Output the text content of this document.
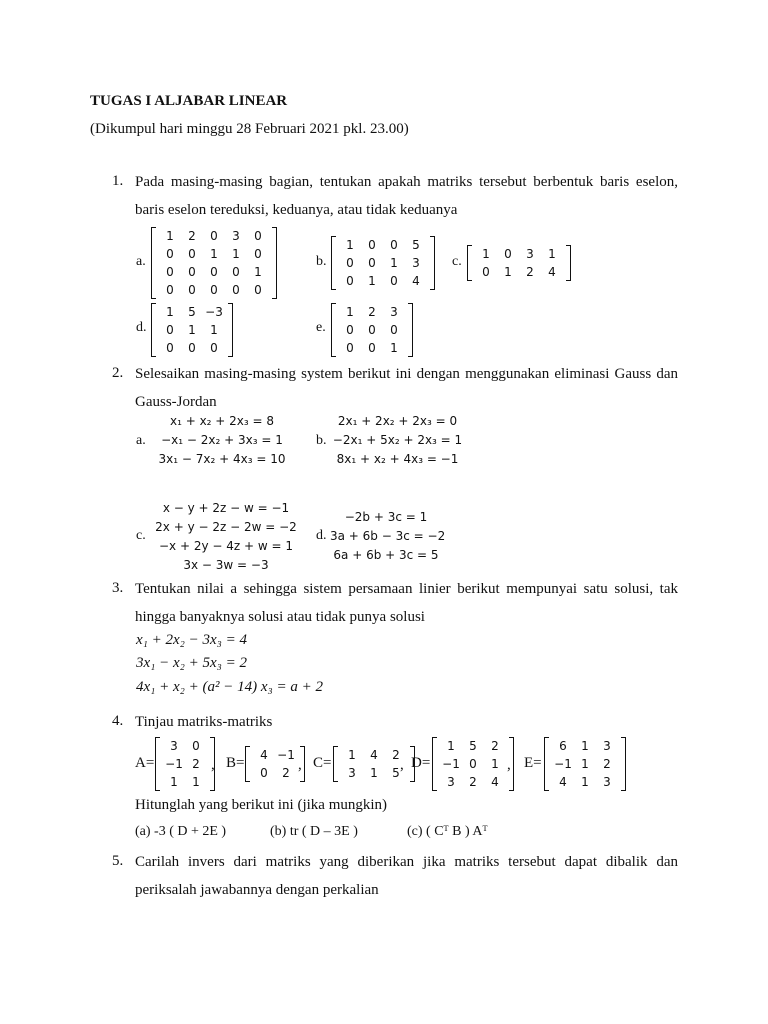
TUGAS I ALJABAR LINEAR
(Dikumpul hari minggu 28 Februari 2021 pkl. 23.00)
1. Pada masing-masing bagian, tentukan apakah matriks tersebut berbentuk baris eselon, baris eselon tereduksi, keduanya, atau tidak keduanya
a.
1	2	0	3	0
0	0	1	1	0
0	0	0	0	1
0	0	0	0	0
b.
1	0	0	5
0	0	1	3
0	1	0	4
c.	1	0	3	1
0	1	2	4
d.
1	5 −3
0	1	1
0	0	0
e.
1	2	3
0	0	0
0	0	1
2. Selesaikan masing-masing system berikut ini dengan menggunakan eliminasi Gauss dan Gauss-Jordan
a.
x₁ + x₂ + 2x₃ = 8
−x₁ − 2x₂ + 3x₃ = 1
3x₁ − 7x₂ + 4x₃ = 10
b.
2x₁ + 2x₂ + 2x₃ = 0
−2x₁ + 5x₂ + 2x₃ = 1
8x₁ + x₂ + 4x₃ = −1
c.
x − y + 2z − w = −1
2x + y − 2z − 2w = −2
−x + 2y − 4z + w = 1
3x − 3w = −3
d.
−2b + 3c = 1
3a + 6b − 3c = −2
6a + 6b + 3c = 5
3. Tentukan nilai a sehingga sistem persamaan linier berikut mempunyai satu solusi, tak hingga banyaknya solusi atau tidak punya solusi
x₁ + 2x₂ − 3x₃ = 4
3x₁ − x₂ + 5x₃ = 2
4x₁ + x₂ + (a² − 14) x₃ = a + 2
4. Tinjau matriks-matriks
A=
3	0
−1 2
1	1
, B=	4 −1
0	2 , C=	1	4	2
3	1	5 , D=
1	5	2
−1 0	1
3	2	4
, E=
6	1	3
−1 1	2
4	1	3
Hitunglah yang berikut ini (jika mungkin)
(a) -3 ( D + 2E )	(b) tr ( D – 3E )	(c) ( Cᵀ B ) Aᵀ
5. Carilah invers dari matriks yang diberikan jika matriks tersebut dapat dibalik dan periksalah jawabannya dengan perkalian
